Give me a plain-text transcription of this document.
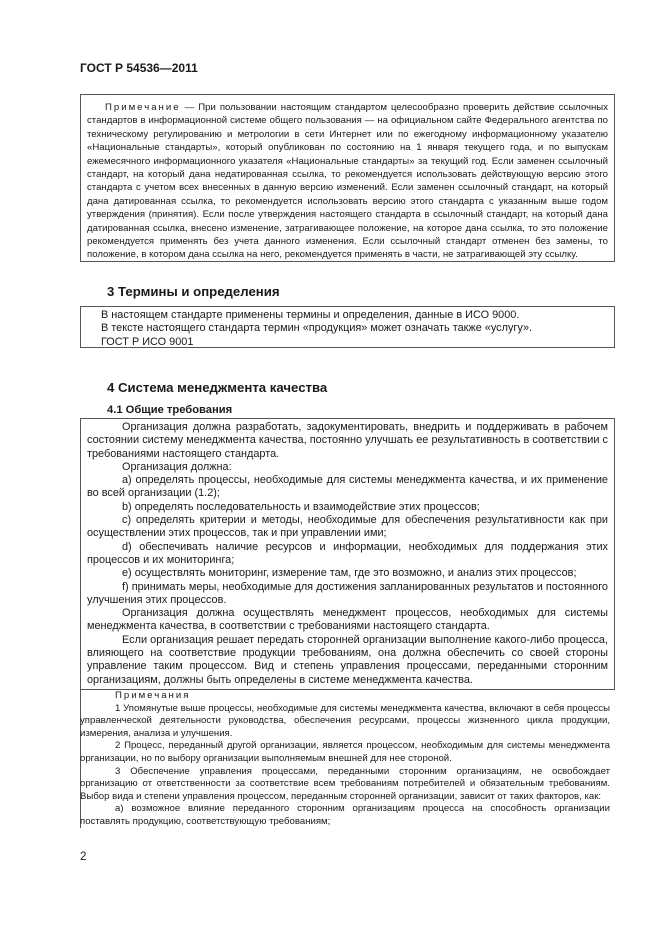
ГОСТ Р 54536—2011

Примечание — При пользовании настоящим стандартом целесообразно проверить действие ссылочных стандартов в информационной системе общего пользования — на официальном сайте Федерального агентства по техническому регулированию и метрологии в сети Интернет или по ежегодному информационному указателю «Национальные стандарты», который опубликован по состоянию на 1 января текущего года, и по выпускам ежемесячного информационного указателя «Национальные стандарты» за текущий год. Если заменен ссылочный стандарт, на который дана недатированная ссылка, то рекомендуется использовать действующую версию этого стандарта с учетом всех внесенных в данную версию изменений. Если заменен ссылочный стандарт, на который дана датированная ссылка, то рекомендуется использовать версию этого стандарта с указанным выше годом утверждения (принятия). Если после утверждения настоящего стандарта в ссылочный стандарт, на который дана датированная ссылка, внесено изменение, затрагивающее положение, на которое дана ссылка, то это положение рекомендуется применять без учета данного изменения. Если ссылочный стандарт отменен без замены, то положение, в котором дана ссылка на него, рекомендуется применять в части, не затрагивающей эту ссылку.

3 Термины и определения

В настоящем стандарте применены термины и определения, данные в ИСО 9000.

В тексте настоящего стандарта термин «продукция» может означать также «услугу».

ГОСТ Р ИСО 9001

4 Система менеджмента качества
4.1 Общие требования

Организация должна разработать, задокументировать, внедрить и поддерживать в рабочем состоянии систему менеджмента качества, постоянно улучшать ее результативность в соответствии с требованиями настоящего стандарта.

Организация должна:

а) определять процессы, необходимые для системы менеджмента качества, и их применение во всей организации (1.2);

b) определять последовательность и взаимодействие этих процессов;

c) определять критерии и методы, необходимые для обеспечения результативности как при осуществлении этих процессов, так и при управлении ими;

d) обеспечивать наличие ресурсов и информации, необходимых для поддержания этих процессов и их мониторинга;

e) осуществлять мониторинг, измерение там, где это возможно, и анализ этих процессов;

f) принимать меры, необходимые для достижения запланированных результатов и постоянного улучшения этих процессов.

Организация должна осуществлять менеджмент процессов, необходимых для системы менеджмента качества, в соответствии с требованиями настоящего стандарта.

Если организация решает передать сторонней организации выполнение какого-либо процесса, влияющего на соответствие продукции требованиям, она должна обеспечить со своей стороны управление таким процессом. Вид и степень управления процессами, переданными сторонним организациям, должны быть определены в системе менеджмента качества.

Примечания

1 Упомянутые выше процессы, необходимые для системы менеджмента качества, включают в себя процессы управленческой деятельности руководства, обеспечения ресурсами, процессы жизненного цикла продукции, измерения, анализа и улучшения.

2 Процесс, переданный другой организации, является процессом, необходимым для системы менеджмента организации, но по выбору организации выполняемым внешней для нее стороной.

3 Обеспечение управления процессами, переданными сторонним организациям, не освобождает организацию от ответственности за соответствие всем требованиям потребителей и обязательным требованиям. Выбор вида и степени управления процессом, переданным сторонней организации, зависит от таких факторов, как:

а) возможное влияние переданного сторонним организациям процесса на способность организации поставлять продукцию, соответствующую требованиям;

2
